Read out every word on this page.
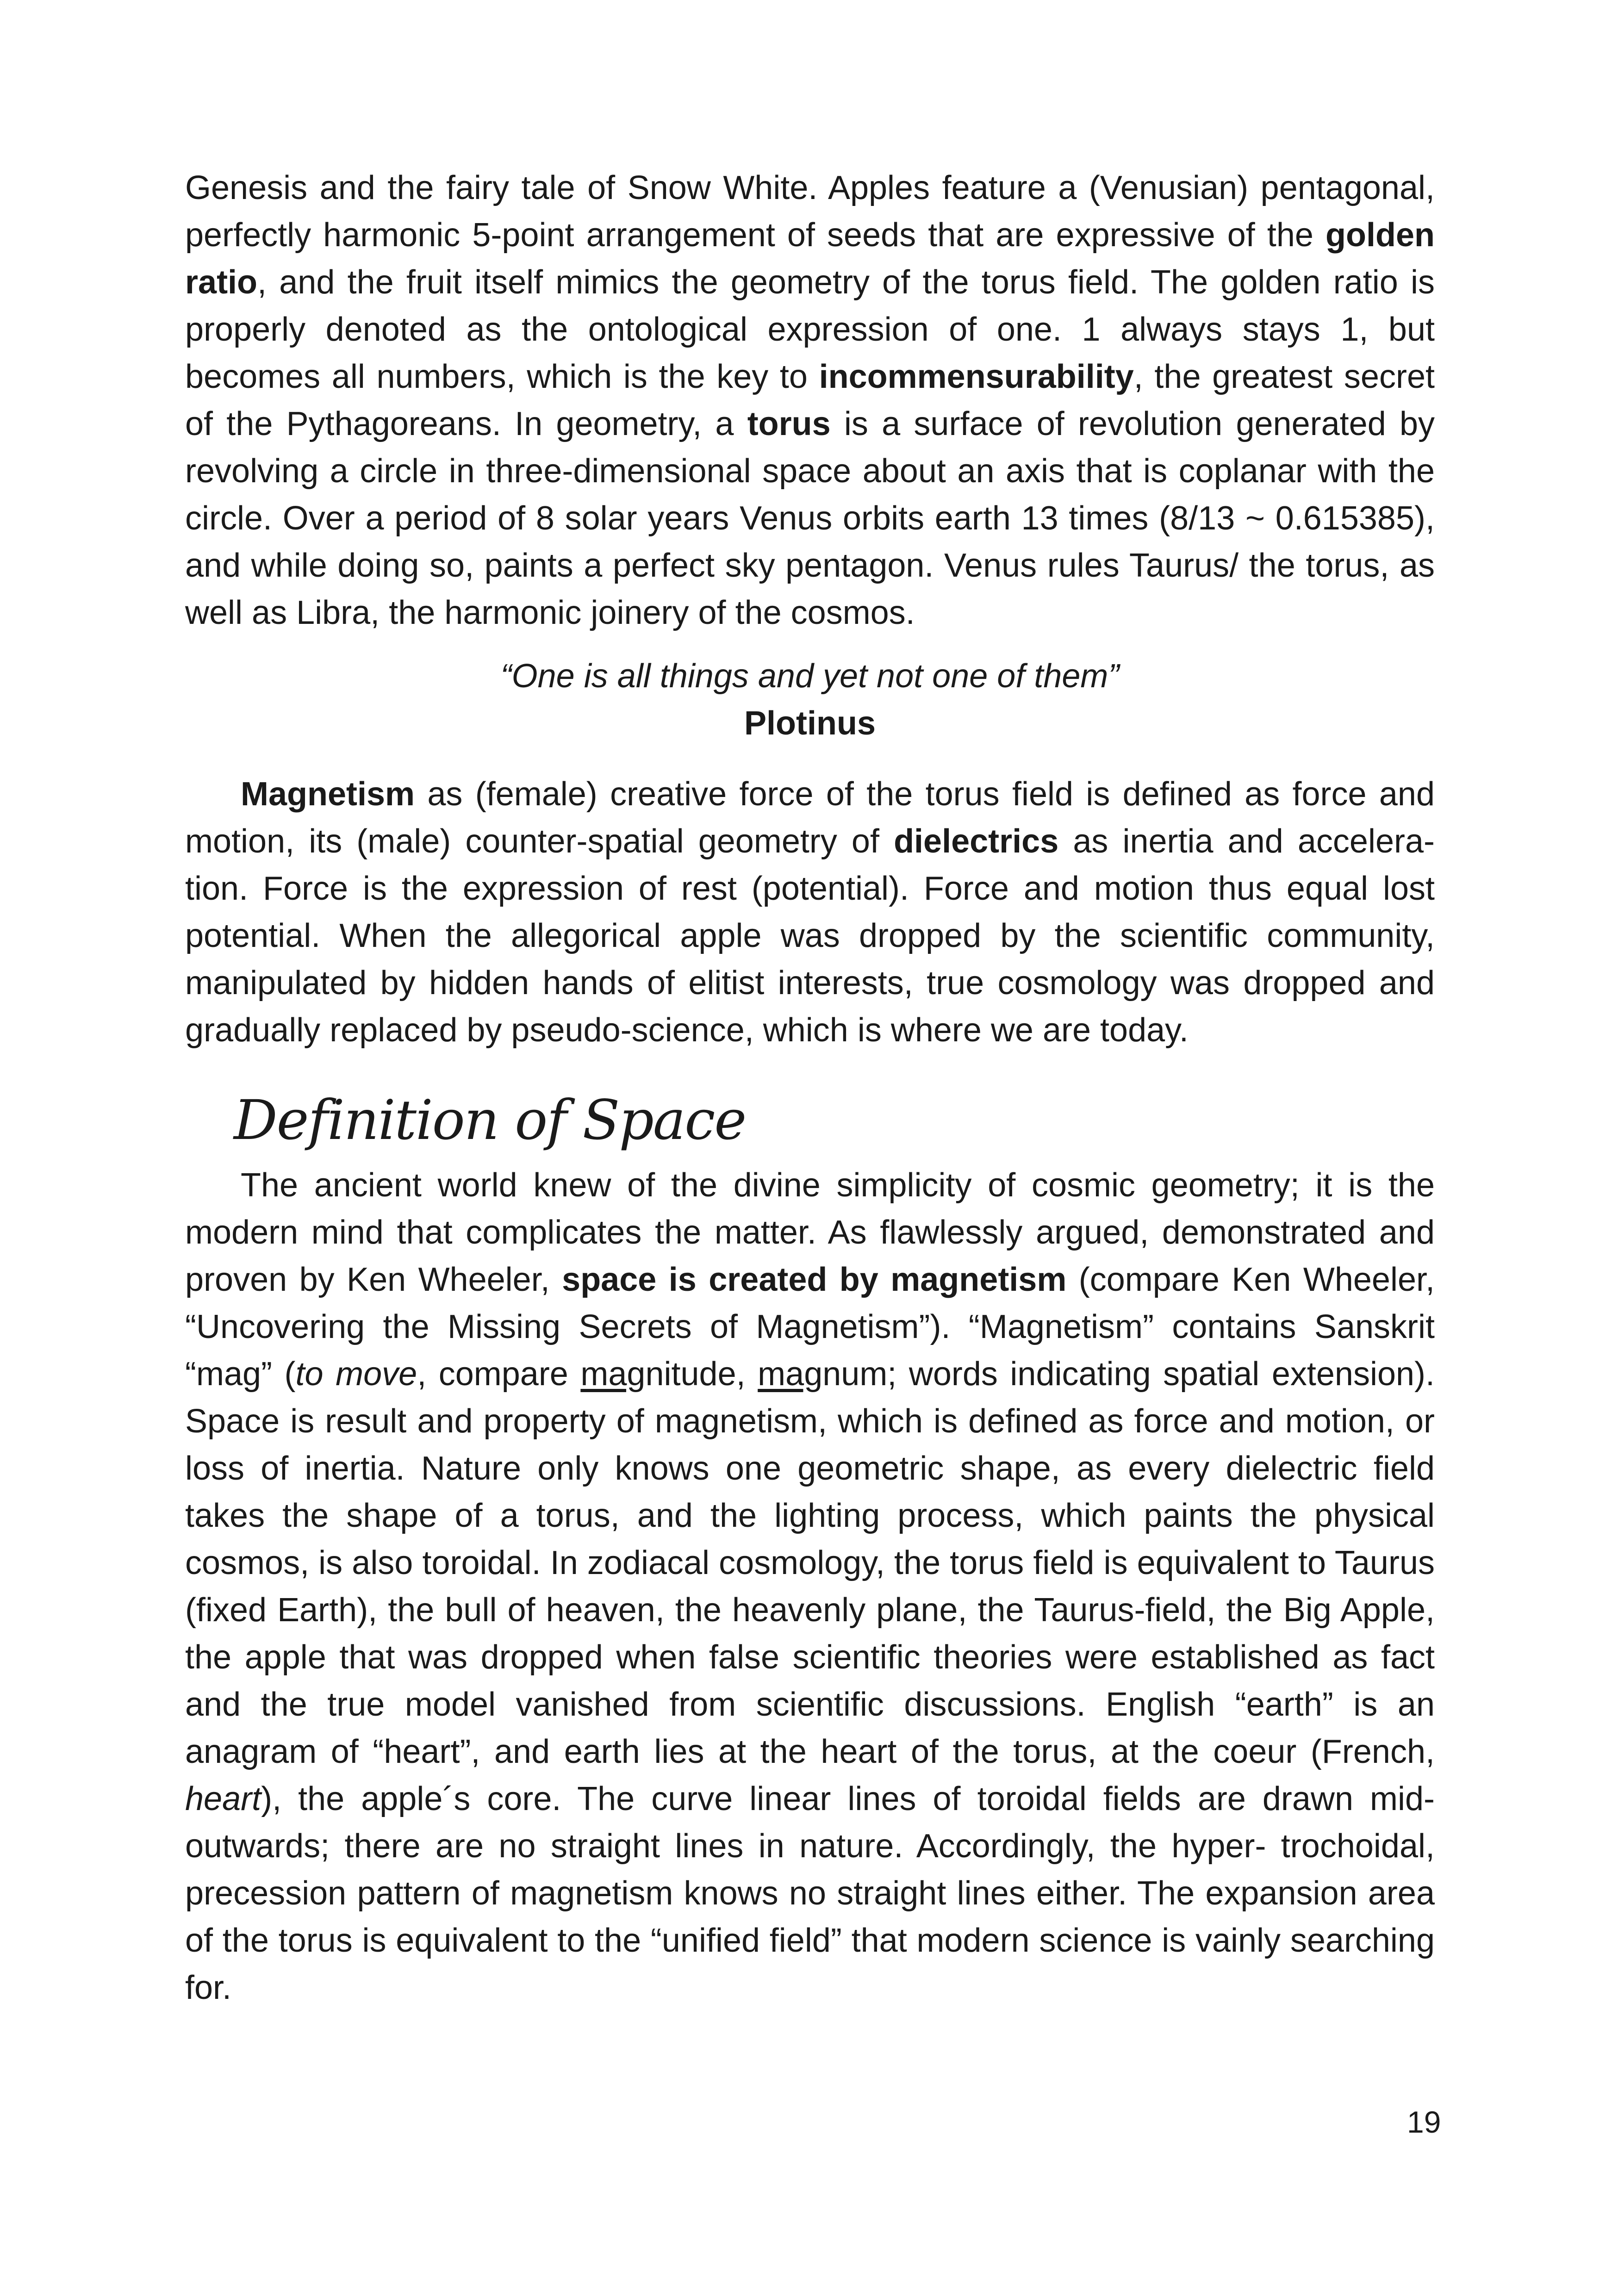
Genesis and the fairy tale of Snow White. Apples feature a (Venusian) pentagonal, perfectly harmonic 5-point arrangement of seeds that are expressive of the golden ratio, and the fruit itself mimics the geometry of the torus field. The golden ratio is properly denoted as the ontological expression of one. 1 always stays 1, but becomes all numbers, which is the key to incommensurability, the greatest secret of the Pythagoreans. In geometry, a torus is a surface of revolution generated by revolving a circle in three-dimensional space about an axis that is coplanar with the circle. Over a period of 8 solar years Venus orbits earth 13 times (8/13 ~ 0.615385), and while doing so, paints a perfect sky pentagon. Venus rules Taurus/ the torus, as well as Libra, the harmonic joinery of the cosmos.

“One is all things and yet not one of them”
Plotinus

Magnetism as (female) creative force of the torus field is defined as force and motion, its (male) counter-spatial geometry of dielectrics as inertia and acceleration. Force is the expression of rest (potential). Force and motion thus equal lost potential. When the allegorical apple was dropped by the scientific community, manipulated by hidden hands of elitist interests, true cosmology was dropped and gradually replaced by pseudo-science, which is where we are today.

Definition of Space

The ancient world knew of the divine simplicity of cosmic geometry; it is the modern mind that complicates the matter. As flawlessly argued, demonstrated and proven by Ken Wheeler, space is created by magnetism (compare Ken Wheeler, “Uncovering the Missing Secrets of Magnetism”). “Magnetism” contains Sanskrit “mag” (to move, compare magnitude, magnum; words indicating spatial extension). Space is result and property of magnetism, which is defined as force and motion, or loss of inertia. Nature only knows one geometric shape, as every dielectric field takes the shape of a torus, and the lighting process, which paints the physical cosmos, is also toroidal. In zodiacal cosmology, the torus field is equivalent to Taurus (fixed Earth), the bull of heaven, the heavenly plane, the Taurus-field, the Big Apple, the apple that was dropped when false scientific theories were established as fact and the true model vanished from scientific discussions. English “earth” is an anagram of “heart”, and earth lies at the heart of the torus, at the coeur (French, heart), the apple´s core. The curve linear lines of toroidal fields are drawn mid- outwards; there are no straight lines in nature. Accordingly, the hyper- trochoidal, precession pattern of magnetism knows no straight lines either. The expansion area of the torus is equivalent to the “unified field” that modern science is vainly searching for.

19
